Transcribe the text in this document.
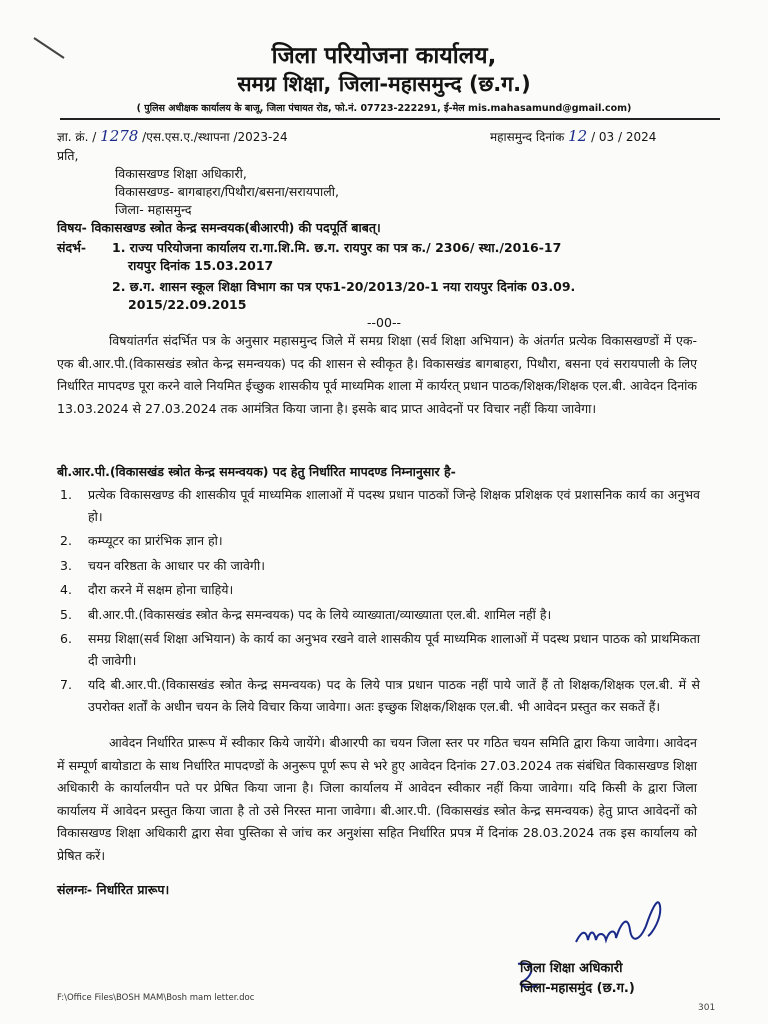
जिला परियोजना कार्यालय,
समग्र शिक्षा, जिला-महासमुन्द (छ.ग.)
( पुलिस अधीक्षक कार्यालय के बाजू, जिला पंचायत रोड, फो.नं. 07723-222291, ई-मेल mis.mahasamund@gmail.com)
ज्ञा. क्रं. / 1278 /एस.एस.ए./स्थापना /2023-24	महासमुन्द दिनांक 12 / 03 / 2024
प्रति,
विकासखण्ड शिक्षा अधिकारी,
विकासखण्ड- बागबाहरा/पिथौरा/बसना/सरायपाली,
जिला- महासमुन्द
विषय- विकासखण्ड स्त्रोत केन्द्र समन्वयक(बीआरपी) की पदपूर्ति बाबत्।
संदर्भ- 1. राज्य परियोजना कार्यालय रा.गा.शि.मि. छ.ग. रायपुर का पत्र क./ 2306/ स्था./2016-17
रायपुर दिनांक 15.03.2017
2. छ.ग. शासन स्कूल शिक्षा विभाग का पत्र एफ1-20/2013/20-1 नया रायपुर दिनांक 03.09.
2015/22.09.2015
--00--
विषयांतर्गत संदर्भित पत्र के अनुसार महासमुन्द जिले में समग्र शिक्षा (सर्व शिक्षा अभियान) के अंतर्गत प्रत्येक विकासखण्डों में एक-एक बी.आर.पी.(विकासखंड स्त्रोत केन्द्र समन्वयक) पद की शासन से स्वीकृत है। विकासखंड बागबाहरा, पिथौरा, बसना एवं सरायपाली के लिए निर्धारित मापदण्ड पूरा करने वाले नियमित ईच्छुक शासकीय पूर्व माध्यमिक शाला में कार्यरत् प्रधान पाठक/शिक्षक/शिक्षक एल.बी. आवेदन दिनांक 13.03.2024 से 27.03.2024 तक आमंत्रित किया जाना है। इसके बाद प्राप्त आवेदनों पर विचार नहीं किया जावेगा।
बी.आर.पी.(विकासखंड स्त्रोत केन्द्र समन्वयक) पद हेतु निर्धारित मापदण्ड निम्नानुसार है-
1.	प्रत्येक विकासखण्ड की शासकीय पूर्व माध्यमिक शालाओं में पदस्थ प्रधान पाठकों जिन्हे शिक्षक प्रशिक्षक एवं प्रशासनिक कार्य का अनुभव हो।
2.	कम्प्यूटर का प्रारंभिक ज्ञान हो।
3.	चयन वरिष्ठता के आधार पर की जावेगी।
4.	दौरा करने में सक्षम होना चाहिये।
5.	बी.आर.पी.(विकासखंड स्त्रोत केन्द्र समन्वयक) पद के लिये व्याख्याता/व्याख्याता एल.बी. शामिल नहीं है।
6.	समग्र शिक्षा(सर्व शिक्षा अभियान) के कार्य का अनुभव रखने वाले शासकीय पूर्व माध्यमिक शालाओं में पदस्थ प्रधान पाठक को प्राथमिकता दी जावेगी।
7.	यदि बी.आर.पी.(विकासखंड स्त्रोत केन्द्र समन्वयक) पद के लिये पात्र प्रधान पाठक नहीं पाये जातें हैं तो शिक्षक/शिक्षक एल.बी. में से उपरोक्त शर्तों के अधीन चयन के लिये विचार किया जावेगा। अतः इच्छुक शिक्षक/शिक्षक एल.बी. भी आवेदन प्रस्तुत कर सकतें हैं।
आवेदन निर्धारित प्रारूप में स्वीकार किये जायेंगे। बीआरपी का चयन जिला स्तर पर गठित चयन समिति द्वारा किया जावेगा। आवेदन में सम्पूर्ण बायोडाटा के साथ निर्धारित मापदण्डों के अनुरूप पूर्ण रूप से भरे हुए आवेदन दिनांक 27.03.2024 तक संबंधित विकासखण्ड शिक्षा अधिकारी के कार्यालयीन पते पर प्रेषित किया जाना है। जिला कार्यालय में आवेदन स्वीकार नहीं किया जावेगा। यदि किसी के द्वारा जिला कार्यालय में आवेदन प्रस्तुत किया जाता है तो उसे निरस्त माना जावेगा। बी.आर.पी. (विकासखंड स्त्रोत केन्द्र समन्वयक) हेतु प्राप्त आवेदनों को विकासखण्ड शिक्षा अधिकारी द्वारा सेवा पुस्तिका से जांच कर अनुशंसा सहित निर्धारित प्रपत्र में दिनांक 28.03.2024 तक इस कार्यालय को प्रेषित करें।
संलग्नः- निर्धारित प्रारूप।
जिला शिक्षा अधिकारी
जिला-महासमुंद (छ.ग.)
F:\Office Files\BOSH MAM\Bosh mam letter.doc
301
